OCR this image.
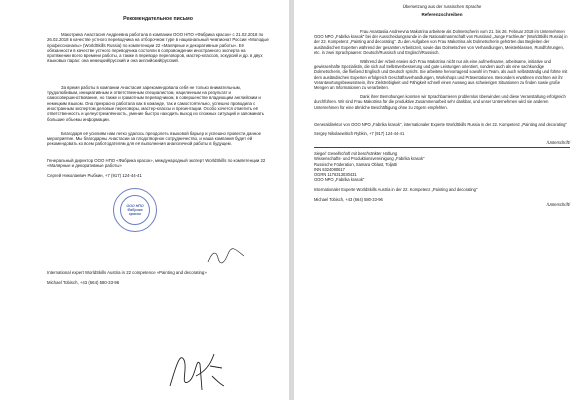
Рекомендательное письмо

Макотрина Анастасия Андреевна работала в компании ООО НПО «Фабрика красок» с 21.02.2018 по 26.02.2018 в качестве устного переводчика на отборочном туре в национальный чемпионат России «Молодые профессионалы» (WorldSkills Russia) по компетенции 22 «Малярные и декоративные работы». Её обязанности в качестве устного переводчика состояли в сопровождении иностранного эксперта на протяжении всего времени работы, а также в переводе переговоров, мастер-классов, эскурсий и др. в двух языковых парах: она немецкий/русский и она английский/русский.

За время работы в компании Анастасия зарекомендовала себя не только внимательным, трудолюбивым, инициативным и ответственным специалистом, нацеленным на результат и самосовершенствование, но также и грамотным переводчиком, в совершенстве владеющим английским и немецким языком. Она прекрасно работала как в команде, так и самостоятельно, успешно проводила с иностранным экспертом деловые переговоры, мастер-классы и презентации. Особо хочется отметить её ответственность и целеустремлённость, умение быстро находить выход из сложных ситуаций и запоминать большие объемы информации.

Благодаря её усилиям нам легко удалось преодолеть языковой барьер и успешно провести данное мероприятие. Мы благодарны Анастасии за плодотворное сотрудничество, и наша компания будет ей рекомендовать ко всем работодателям для её выполнения аналогичной работы в будущем.

Генеральный директор ООО НПО «Фабрика красок», международный эксперт WorldSkills по компетенции 22 «Малярные и декоративные работы»

Сергей Николаевич Рыбкин, +7 (917) 124-44-41

ООО НПО
Фабрика
красок

International expert WorldSkills Austria in 22 competence «Painting and decorating»

Michael Tobisch, +43 (664) 580-33-96

Übersetzung aus der russischen Sprache

Referenzschreiben

Frau Anastasiia Andreevna Makotrina arbeitete als Dolmetscherin vom 21. bis 26. Februar 2018 im Unternehmen OOO NPO „Fabrika krasok" bei der Ausscheidungsrunde in die Nationalmannschaft von Russland „Junge Fachleute" (WorldSkills Russia) in der 22. Kompetenz „Painting and decorating". Zu den Aufgaben von Frau Makotrina als Dolmetscherin gehörten das Begleiten der ausländischen Experten während der gesamten Arbeitszeit, sowie das Dolmetschen von Verhandlungen, Meisterklassen, Rundführungen, etc. in zwei Sprachpaaren: Deutsch/Russisch und Englisch/Russisch.

Während der Arbeit erwies sich Frau Makotrina nicht nur als eine aufmerksame, arbeitsame, initiative und gewissenhafte Spezialistin, die sich auf Selbstverbesserung und gute Leistungen orientiert, sondern auch als eine sachkundige Dolmetscherin, die fließend Englisch und Deutsch spricht. Sie arbeitete hervorragend sowohl im Team, als auch selbstständig und führte mit dem ausländischen Experten erfolgreich Geschäftsverhandlungen, Workshops und Präsentationen. Besonders erwähnen möchten wir ihr Verantwortungsbewusstsein, ihre Zielstrebigkeit und Fähigkeit schnell einen Ausweg aus schwierigen Situationen zu finden sowie große Mengen an Informationen zu verarbeiten.

Dank ihrer Bemühungen konnten wir Sprachbarrieren problemlos überwinden und diese Veranstaltung erfolgreich durchführen. Wir sind Frau Makotrina für die produktive Zusammenarbeit sehr dankbar, und unser Unternehmen wird sie anderen Unternehmen für eine ähnliche Beschäftigung ohne zu zögern empfehlen.

Generaldirektor von OOO NPO „Fabrika krasok", internationaler Experte WorldSkills Russia in der 22. Kompetenz „Painting and decorating"

Sergey Nikolaewitsch Rybkin, +7 (917) 124-44-41

/Unterschrift/

Siegel: Gesellschaft mit beschränkter Haftung

Wissenschafts- und Produktionsvereinigung „Fabrika krasok"

Russische Föderation, Samara Oblast, Toljatti

INN 6324080617

OGRN 1176313030431

OOO NPO „Fabrika krasok"

Internationaler Experte WorldSkills Austria in der 22. Kompetenz „Painting and decorating"

Michael Tobisch, +43 (664) 580-33-96

/Unterschrift/
